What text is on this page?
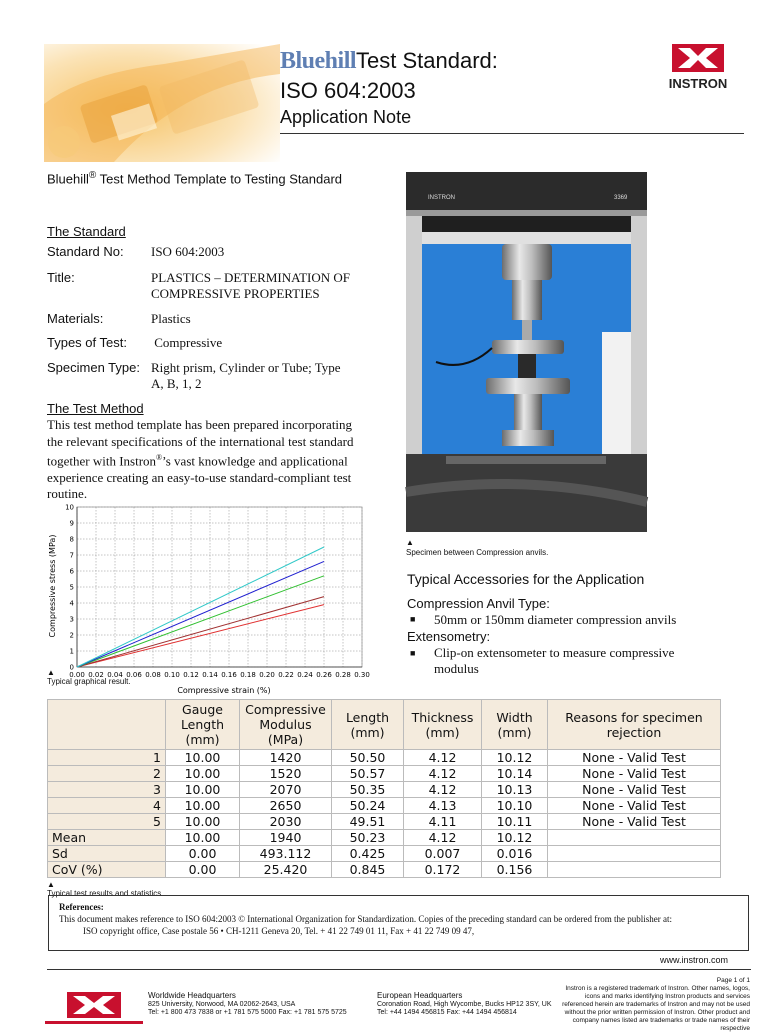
BluehillTest Standard:
ISO 604:2003
Application Note
INSTRON
Bluehill® Test Method Template to Testing Standard
The Standard
Standard No: ISO 604:2003
Title:	PLASTICS – DETERMINATION OF COMPRESSIVE PROPERTIES
Materials:	Plastics
Types of Test: Compressive
Specimen Type: Right prism, Cylinder or Tube; Type A, B, 1, 2
The Test Method
This test method template has been prepared incorporating the relevant specifications of the international test standard together with Instron®’s vast knowledge and applicational experience creating an easy-to-use standard-compliant test routine.
0.00 0.02 0.04 0.06 0.08 0.10 0.12 0.14 0.16 0.18 0.20 0.22 0.24 0.26 0.28 0.30
0
1
2
3
4
5
6
7
8
9
10
Compressive strain (%)
Compressive stress (MPa)
▲
Typical graphical result.
INSTRON	3369
▲
Specimen between Compression anvils.
Typical Accessories for the Application
Compression Anvil Type:
■ 50mm or 150mm diameter compression anvils
Extensometry:
■ Clip-on extensometer to measure compressive modulus
	Gauge Length (mm)	Compressive Modulus (MPa)	Length (mm)	Thickness (mm)	Width (mm)	Reasons for specimen rejection
1	10.00	1420	50.50	4.12	10.12	None - Valid Test
2	10.00	1520	50.57	4.12	10.14	None - Valid Test
3	10.00	2070	50.35	4.12	10.13	None - Valid Test
4	10.00	2650	50.24	4.13	10.10	None - Valid Test
5	10.00	2030	49.51	4.11	10.11	None - Valid Test
Mean	10.00	1940	50.23	4.12	10.12	
Sd	0.00	493.112	0.425	0.007	0.016	
CoV (%)	0.00	25.420	0.845	0.172	0.156	
▲
Typical test results and statistics.
References:
This document makes reference to ISO 604:2003 © International Organization for Standardization. Copies of the preceding standard can be ordered from the publisher at:
ISO copyright office, Case postale 56 • CH-1211 Geneva 20, Tel. + 41 22 749 01 11, Fax + 41 22 749 09 47,
www.instron.com
Worldwide Headquarters
825 University, Norwood, MA 02062-2643, USA
Tel: +1 800 473 7838 or +1 781 575 5000 Fax: +1 781 575 5725
European Headquarters
Coronation Road, High Wycombe, Bucks HP12 3SY, UK
Tel: +44 1494 456815 Fax: +44 1494 456814
Page 1 of 1
Instron is a registered trademark of Instron. Other names, logos, icons and marks identifying Instron products and services referenced herein are trademarks of Instron and may not be used without the prior written permission of Instron. Other product and company names listed are trademarks or trade names of their respective
